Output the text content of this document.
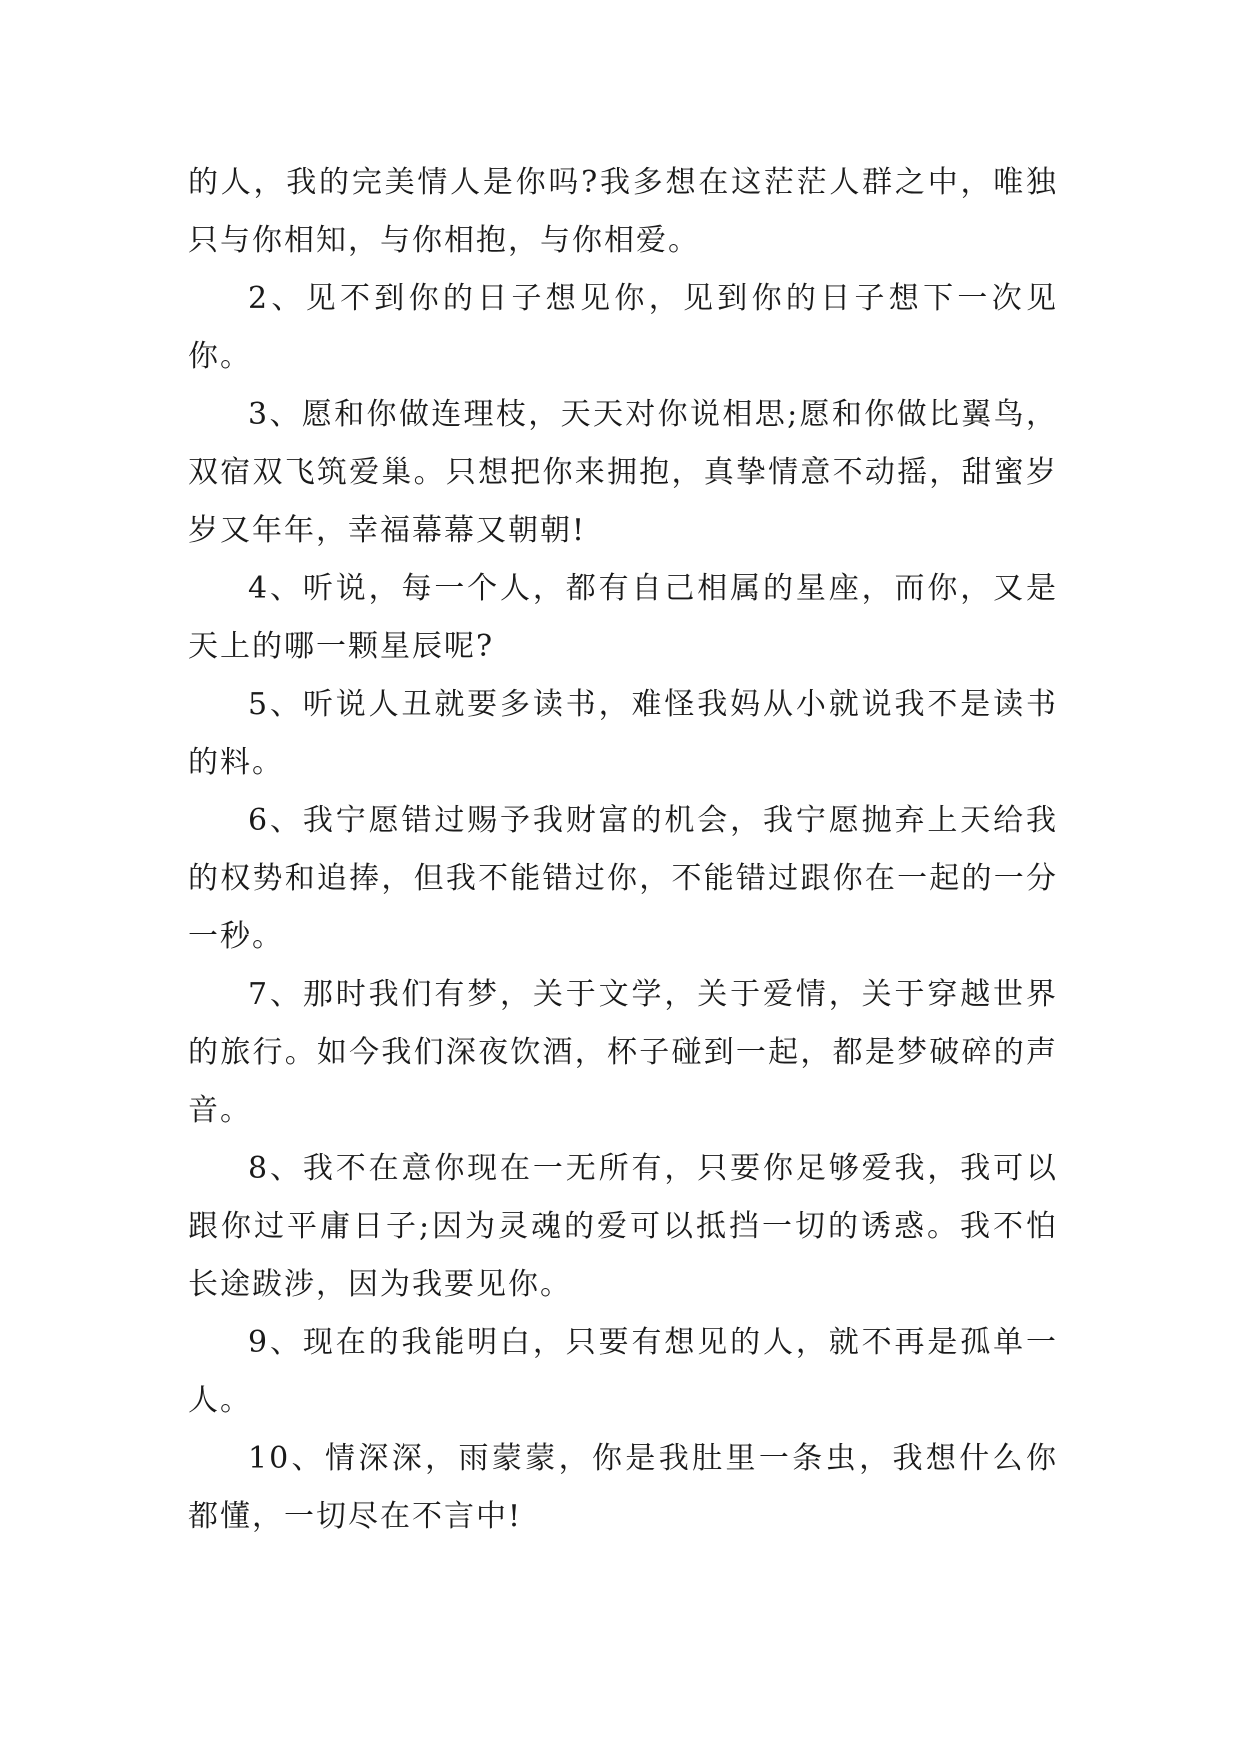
的人，我的完美情人是你吗?我多想在这茫茫人群之中，唯独只与你相知，与你相抱，与你相爱。

2、见不到你的日子想见你，见到你的日子想下一次见你。

3、愿和你做连理枝，天天对你说相思;愿和你做比翼鸟，双宿双飞筑爱巢。只想把你来拥抱，真挚情意不动摇，甜蜜岁岁又年年，幸福幕幕又朝朝!

4、听说，每一个人，都有自己相属的星座，而你，又是天上的哪一颗星辰呢?

5、听说人丑就要多读书，难怪我妈从小就说我不是读书的料。

6、我宁愿错过赐予我财富的机会，我宁愿抛弃上天给我的权势和追捧，但我不能错过你，不能错过跟你在一起的一分一秒。

7、那时我们有梦，关于文学，关于爱情，关于穿越世界的旅行。如今我们深夜饮酒，杯子碰到一起，都是梦破碎的声音。

8、我不在意你现在一无所有，只要你足够爱我，我可以跟你过平庸日子;因为灵魂的爱可以抵挡一切的诱惑。我不怕长途跋涉，因为我要见你。

9、现在的我能明白，只要有想见的人，就不再是孤单一人。

10、情深深，雨蒙蒙，你是我肚里一条虫，我想什么你都懂，一切尽在不言中!
